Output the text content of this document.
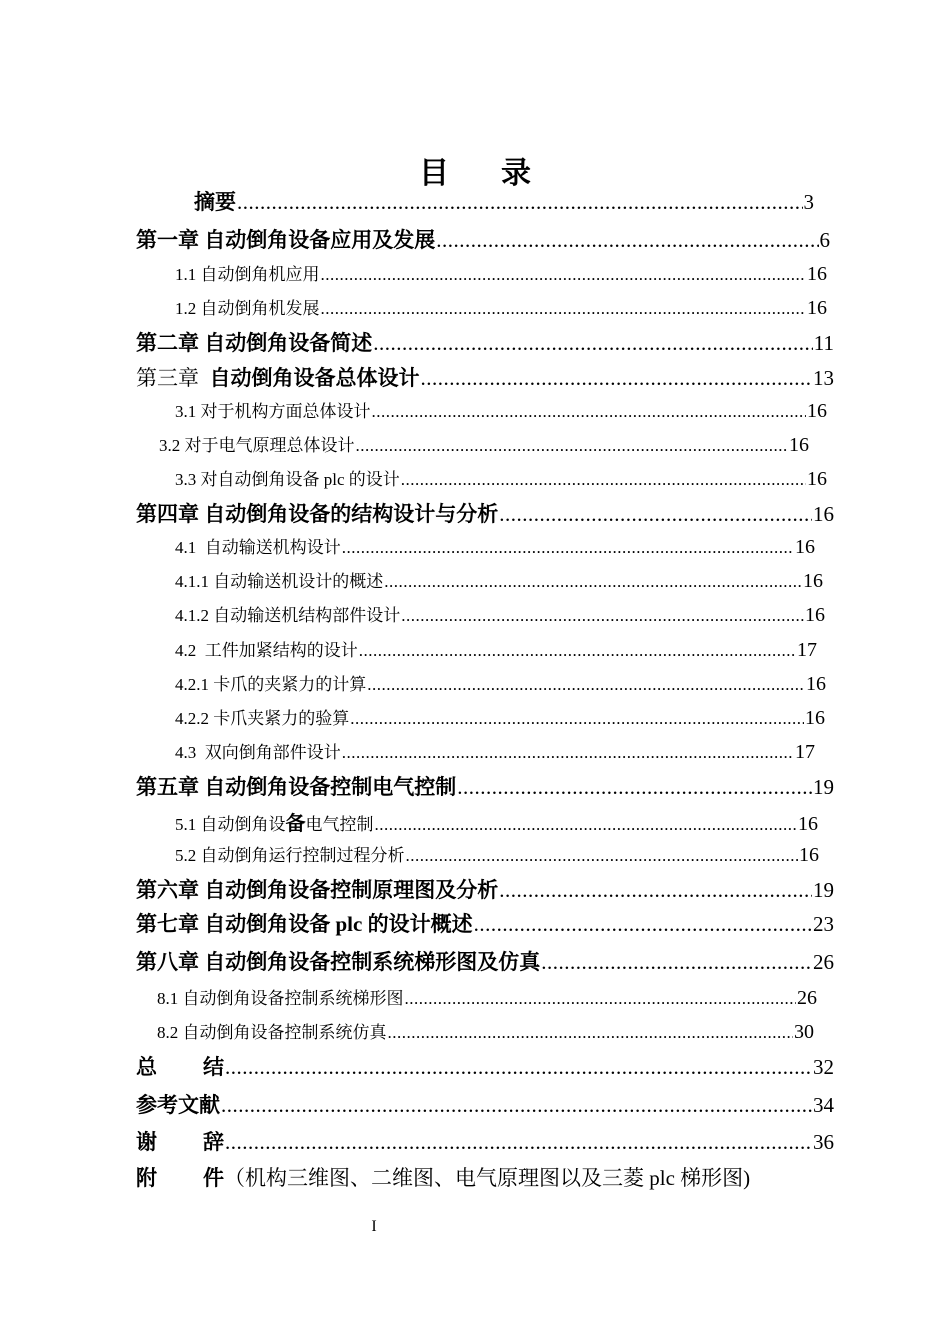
目 录
摘要 .....	3
第一章 自动倒角设备应用及发展 .....	6
1.1 自动倒角机应用 .....	16
1.2 自动倒角机发展 .....	16
第二章 自动倒角设备简述 .....	11
第三章  自动倒角设备总体设计 .....	13
3.1 对于机构方面总体设计 .....	16
3.2 对于电气原理总体设计 .....	16
3.3 对自动倒角设备 plc 的设计 .....	16
第四章 自动倒角设备的结构设计与分析 .....	16
4.1  自动输送机构设计 .....	16
4.1.1 自动输送机设计的概述 .....	16
4.1.2 自动输送机结构部件设计 .....	16
4.2  工件加紧结构的设计 .....	17
4.2.1 卡爪的夹紧力的计算 .....	16
4.2.2 卡爪夹紧力的验算 .....	16
4.3  双向倒角部件设计 .....	17
第五章 自动倒角设备控制电气控制 .....	19
5.1 自动倒角设备电气控制 .....	16
5.2 自动倒角运行控制过程分析 .....	16
第六章 自动倒角设备控制原理图及分析 .....	19
第七章 自动倒角设备 plc 的设计概述 .....	23
第八章 自动倒角设备控制系统梯形图及仿真 .....	26
8.1 自动倒角设备控制系统梯形图 .....	26
8.2 自动倒角设备控制系统仿真 .....	30
总 结 .....	32
参考文献 .....	34
谢 辞 .....	36
附 件（机构三维图、二维图、电气原理图以及三菱 plc 梯形图)
I
